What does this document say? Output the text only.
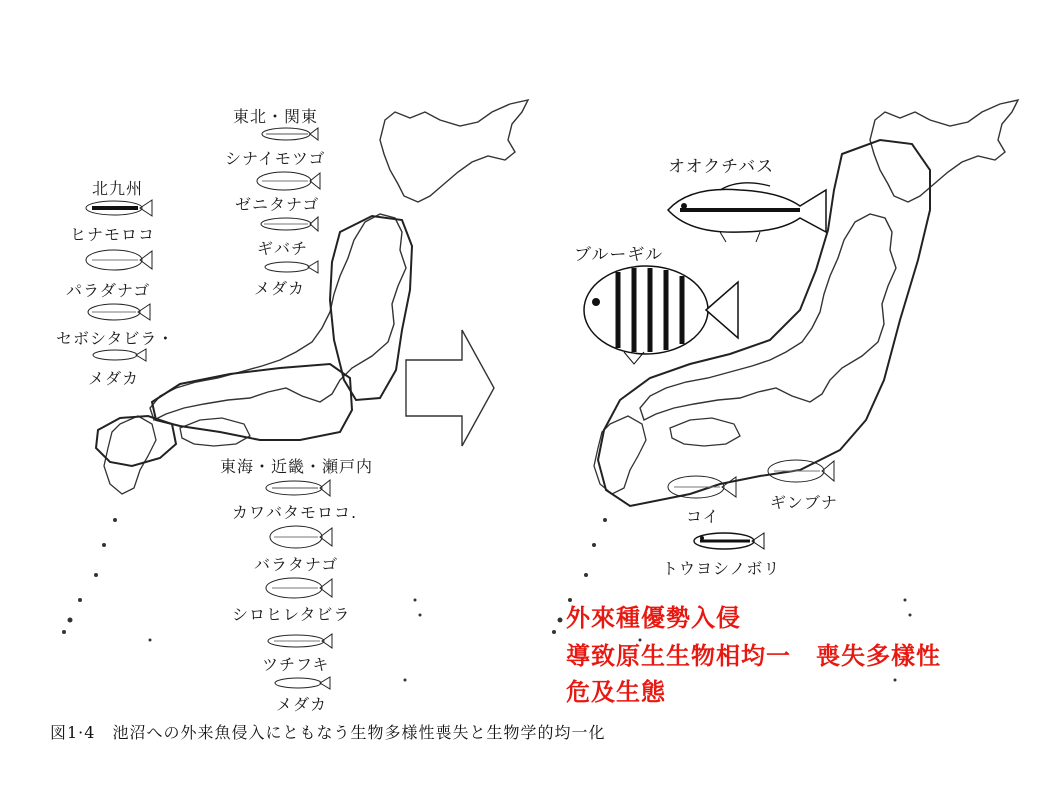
東北・関東
シナイモツゴ
ゼニタナゴ
ギバチ
メダカ
北九州
ヒナモロコ
パラダナゴ
セボシタビラ・
メダカ
東海・近畿・瀬戸内
カワバタモロコ.
バラタナゴ
シロヒレタビラ
ツチフキ
メダカ
オオクチバス
ブルーギル
ギンブナ
コイ
トウヨシノボリ
外來種優勢入侵
導致原生生物相均一　喪失多樣性
危及生態
図1·4　池沼への外来魚侵入にともなう生物多様性喪失と生物学的均一化
